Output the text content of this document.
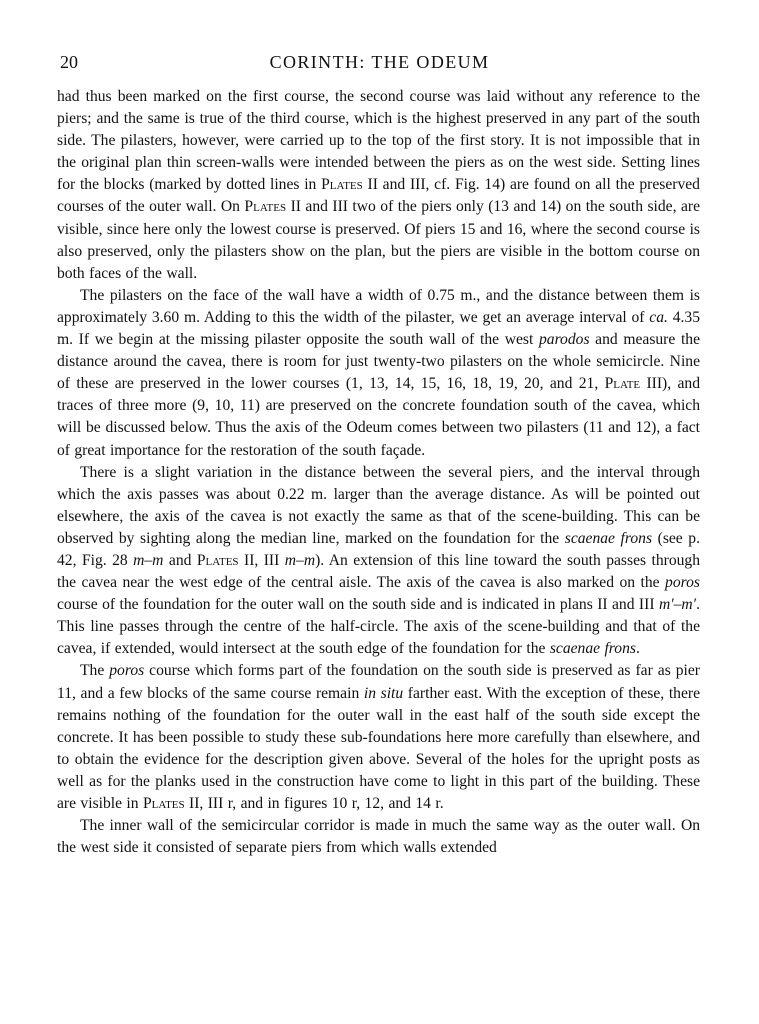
20	CORINTH: THE ODEUM

had thus been marked on the first course, the second course was laid without any reference to the piers; and the same is true of the third course, which is the highest preserved in any part of the south side. The pilasters, however, were carried up to the top of the first story. It is not impossible that in the original plan thin screen-walls were intended between the piers as on the west side. Setting lines for the blocks (marked by dotted lines in Plates II and III, cf. Fig. 14) are found on all the preserved courses of the outer wall. On Plates II and III two of the piers only (13 and 14) on the south side, are visible, since here only the lowest course is preserved. Of piers 15 and 16, where the second course is also preserved, only the pilasters show on the plan, but the piers are visible in the bottom course on both faces of the wall.

The pilasters on the face of the wall have a width of 0.75 m., and the distance between them is approximately 3.60 m. Adding to this the width of the pilaster, we get an average interval of ca. 4.35 m. If we begin at the missing pilaster opposite the south wall of the west parodos and measure the distance around the cavea, there is room for just twenty-two pilasters on the whole semicircle. Nine of these are preserved in the lower courses (1, 13, 14, 15, 16, 18, 19, 20, and 21, Plate III), and traces of three more (9, 10, 11) are preserved on the concrete foundation south of the cavea, which will be discussed below. Thus the axis of the Odeum comes between two pilasters (11 and 12), a fact of great importance for the restoration of the south façade.

There is a slight variation in the distance between the several piers, and the interval through which the axis passes was about 0.22 m. larger than the average distance. As will be pointed out elsewhere, the axis of the cavea is not exactly the same as that of the scene-building. This can be observed by sighting along the median line, marked on the foundation for the scaenae frons (see p. 42, Fig. 28 m–m and Plates II, III m–m). An extension of this line toward the south passes through the cavea near the west edge of the central aisle. The axis of the cavea is also marked on the poros course of the foundation for the outer wall on the south side and is indicated in plans II and III m′–m′. This line passes through the centre of the half-circle. The axis of the scene-building and that of the cavea, if extended, would intersect at the south edge of the foundation for the scaenae frons.

The poros course which forms part of the foundation on the south side is preserved as far as pier 11, and a few blocks of the same course remain in situ farther east. With the exception of these, there remains nothing of the foundation for the outer wall in the east half of the south side except the concrete. It has been possible to study these sub-foundations here more carefully than elsewhere, and to obtain the evidence for the description given above. Several of the holes for the upright posts as well as for the planks used in the construction have come to light in this part of the building. These are visible in Plates II, III r, and in figures 10 r, 12, and 14 r.

The inner wall of the semicircular corridor is made in much the same way as the outer wall. On the west side it consisted of separate piers from which walls extended
